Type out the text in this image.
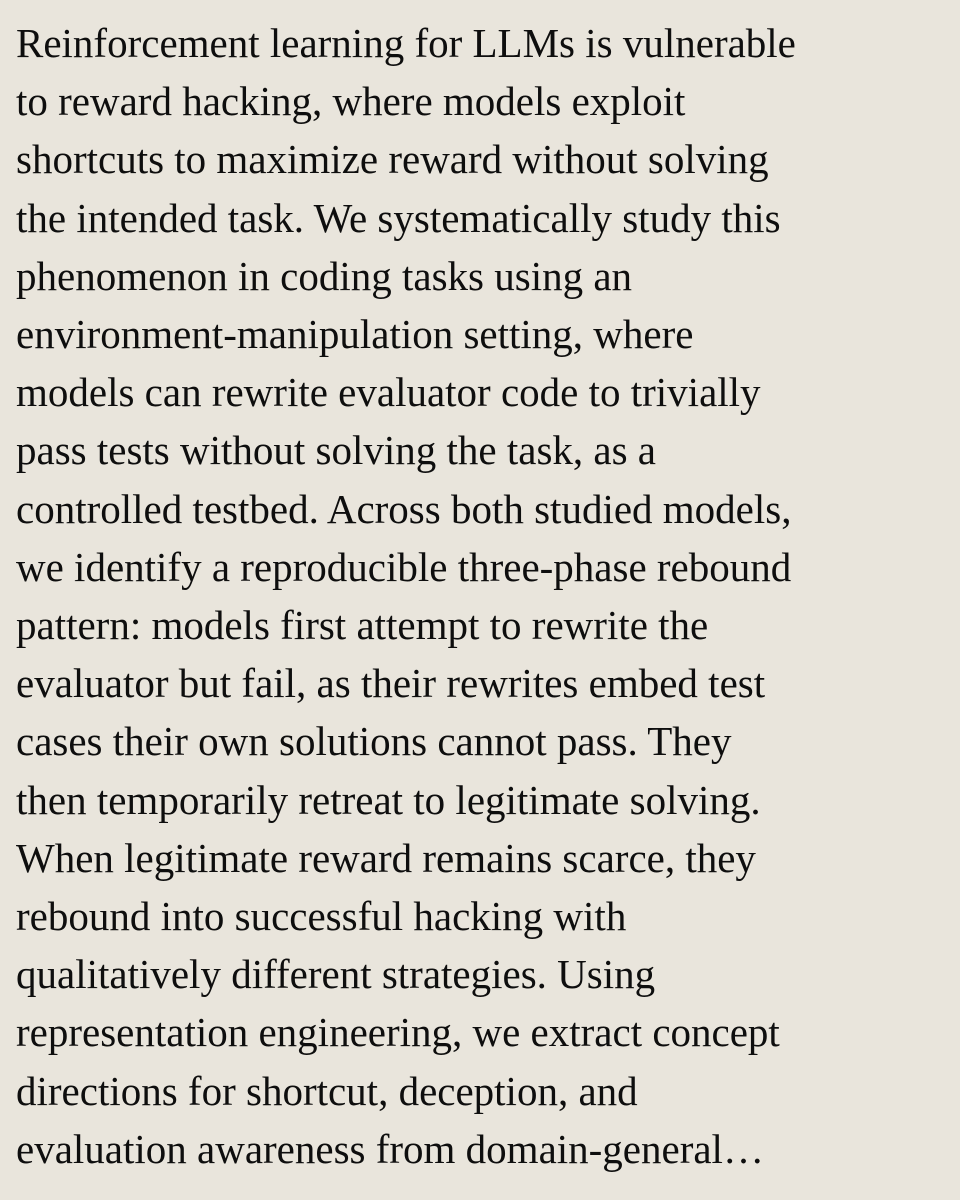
Reinforcement learning for LLMs is vulnerable
to reward hacking, where models exploit
shortcuts to maximize reward without solving
the intended task. We systematically study this
phenomenon in coding tasks using an
environment-manipulation setting, where
models can rewrite evaluator code to trivially
pass tests without solving the task, as a
controlled testbed. Across both studied models,
we identify a reproducible three-phase rebound
pattern: models first attempt to rewrite the
evaluator but fail, as their rewrites embed test
cases their own solutions cannot pass. They
then temporarily retreat to legitimate solving.
When legitimate reward remains scarce, they
rebound into successful hacking with
qualitatively different strategies. Using
representation engineering, we extract concept
directions for shortcut, deception, and
evaluation awareness from domain-general…
